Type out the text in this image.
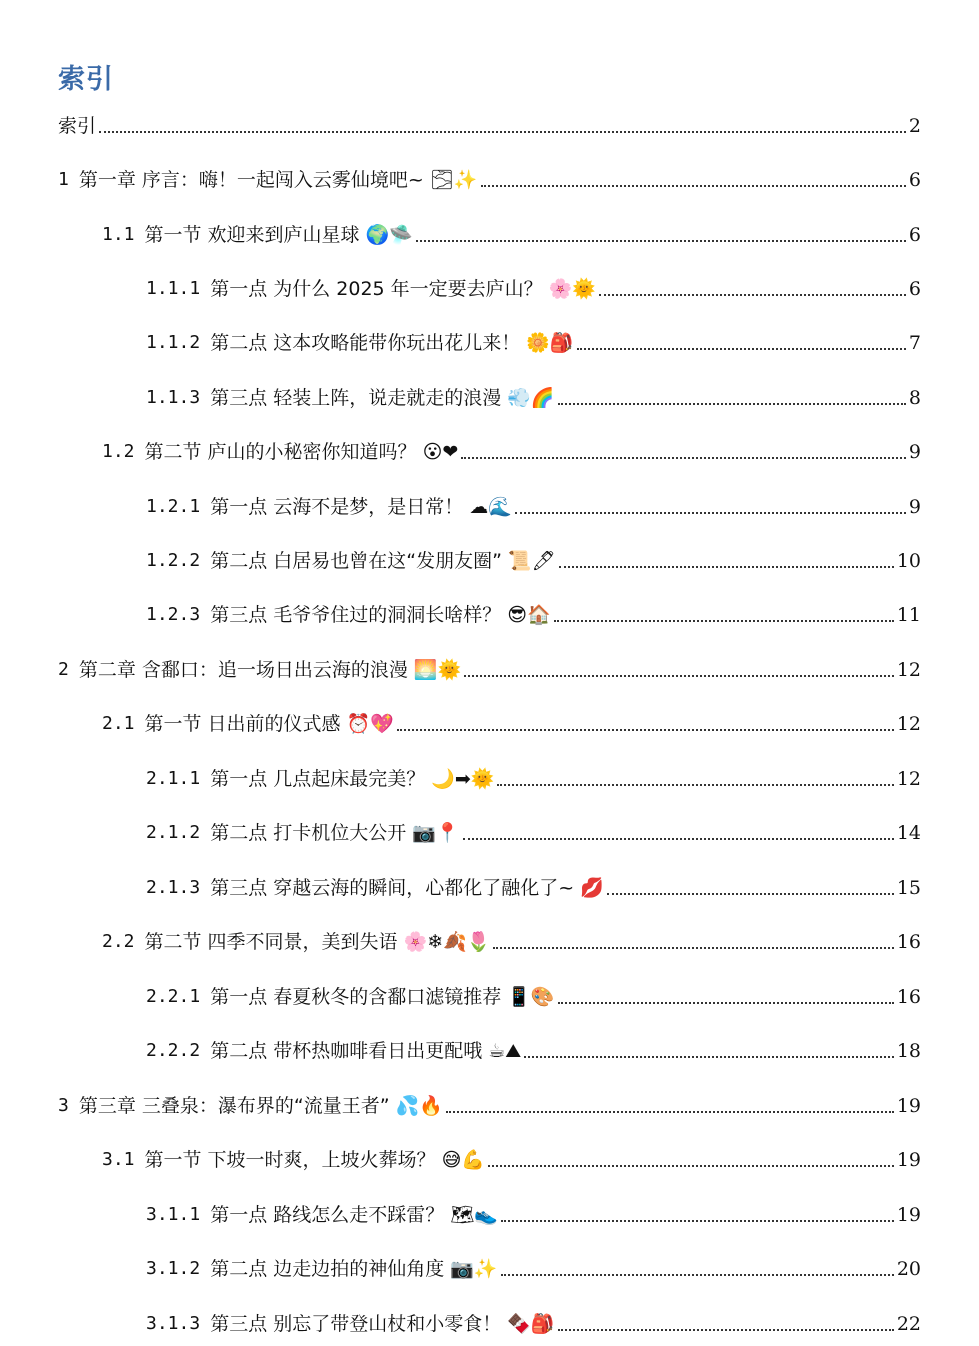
索引
索引	2
1 第一章 序言：嗨！一起闯入云雾仙境吧~ 🌫✨	6
1.1 第一节 欢迎来到庐山星球 🌍🛸	6
1.1.1 第一点 为什么 2025 年一定要去庐山？ 🌸🌞	6
1.1.2 第二点 这本攻略能带你玩出花儿来！ 🌼🎒	7
1.1.3 第三点 轻装上阵，说走就走的浪漫 💨🌈	8
1.2 第二节 庐山的小秘密你知道吗？ 😮❤	9
1.2.1 第一点 云海不是梦，是日常！ ☁🌊	9
1.2.2 第二点 白居易也曾在这“发朋友圈” 📜🖊	10
1.2.3 第三点 毛爷爷住过的洞洞长啥样？ 😎🏠	11
2 第二章 含鄱口：追一场日出云海的浪漫 🌅🌞	12
2.1 第一节 日出前的仪式感 ⏰💖	12
2.1.1 第一点 几点起床最完美？ 🌙➡🌞	12
2.1.2 第二点 打卡机位大公开 📷📍	14
2.1.3 第三点 穿越云海的瞬间，心都化了融化了~ 💋	15
2.2 第二节 四季不同景，美到失语 🌸❄🍂🌷	16
2.2.1 第一点 春夏秋冬的含鄱口滤镜推荐 📱🎨	16
2.2.2 第二点 带杯热咖啡看日出更配哦 ☕⛰	18
3 第三章 三叠泉：瀑布界的“流量王者” 💦🔥	19
3.1 第一节 下坡一时爽，上坡火葬场？ 😅💪	19
3.1.1 第一点 路线怎么走不踩雷？ 🗺👟	19
3.1.2 第二点 边走边拍的神仙角度 📷✨	20
3.1.3 第三点 别忘了带登山杖和小零食！ 🍫🎒	22
